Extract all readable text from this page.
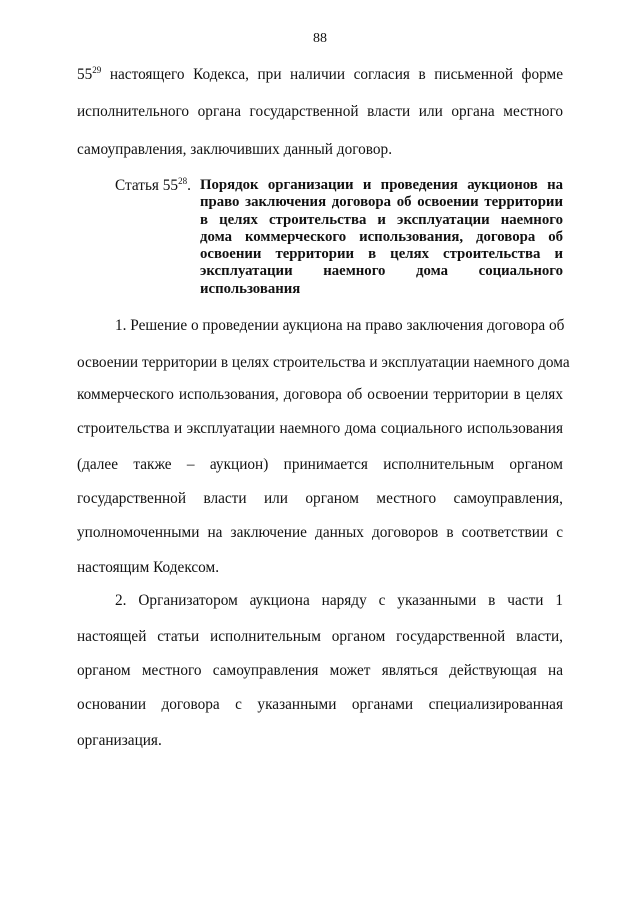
88
$55^{29}$ настоящего Кодекса, при наличии согласия в письменной форме
исполнительного органа государственной власти или органа местного
самоуправления, заключивших данный договор.
Статья $55^{28}$. Порядок организации и проведения аукционов на
право заключения договора об освоении территории
в целях строительства и эксплуатации наемного
дома коммерческого использования, договора об
освоении территории в целях строительства и
эксплуатации наемного дома социального
использования
1. Решение о проведении аукциона на право заключения договора об
освоении территории в целях строительства и эксплуатации наемного дома
коммерческого использования, договора об освоении территории в целях
строительства и эксплуатации наемного дома социального использования
(далее также – аукцион) принимается исполнительным органом
государственной власти или органом местного самоуправления,
уполномоченными на заключение данных договоров в соответствии с
настоящим Кодексом.
2. Организатором аукциона наряду с указанными в части 1
настоящей статьи исполнительным органом государственной власти,
органом местного самоуправления может являться действующая на
основании договора с указанными органами специализированная
организация.
